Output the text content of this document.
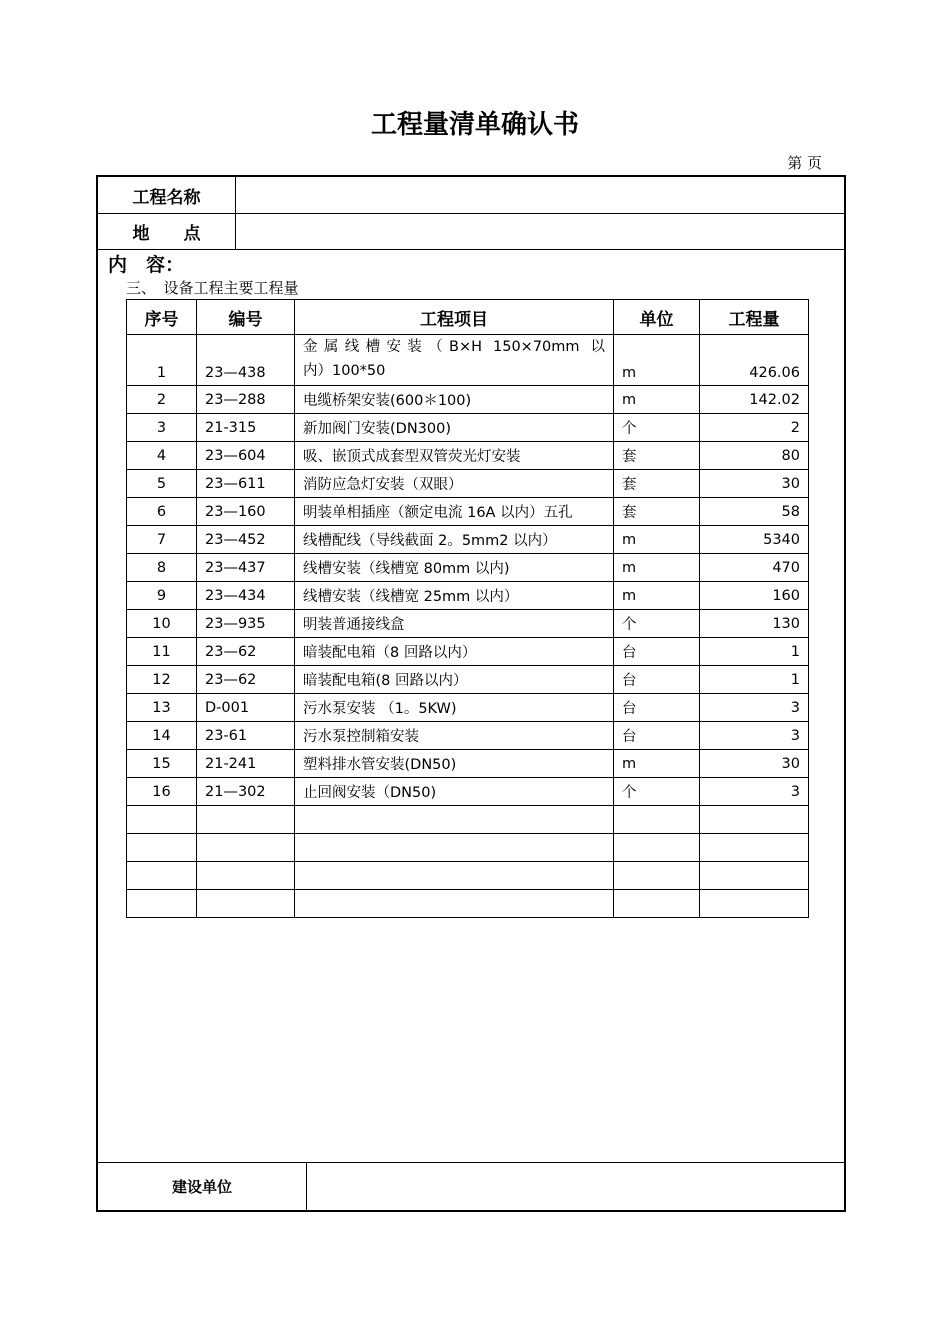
工程量清单确认书
第 页
工程名称
地　　点
内　容：
三、　设备工程主要工程量
序号	编号	工程项目	单位	工程量
1	23—438	金属线槽安装（B×H 150×70mm 以
内）100*50	m	426.06
2	23—288	电缆桥架安装(600＊100)	m	142.02
3	21-315	新加阀门安装(DN300)	个	2
4	23—604	吸、嵌顶式成套型双管荧光灯安装	套	80
5	23—611	消防应急灯安装（双眼）	套	30
6	23—160	明装单相插座（额定电流 16A 以内）五孔	套	58
7	23—452	线槽配线（导线截面 2。5mm2 以内）	m	5340
8	23—437	线槽安装（线槽宽 80mm 以内)	m	470
9	23—434	线槽安装（线槽宽 25mm 以内）	m	160
10	23—935	明装普通接线盒	个	130
11	23—62	暗装配电箱（8 回路以内）	台	1
12	23—62	暗装配电箱(8 回路以内）	台	1
13	D-001	污水泵安装 （1。5KW)	台	3
14	23-61	污水泵控制箱安装	台	3
15	21-241	塑料排水管安装(DN50)	m	30
16	21—302	止回阀安装（DN50)	个	3

建设单位
